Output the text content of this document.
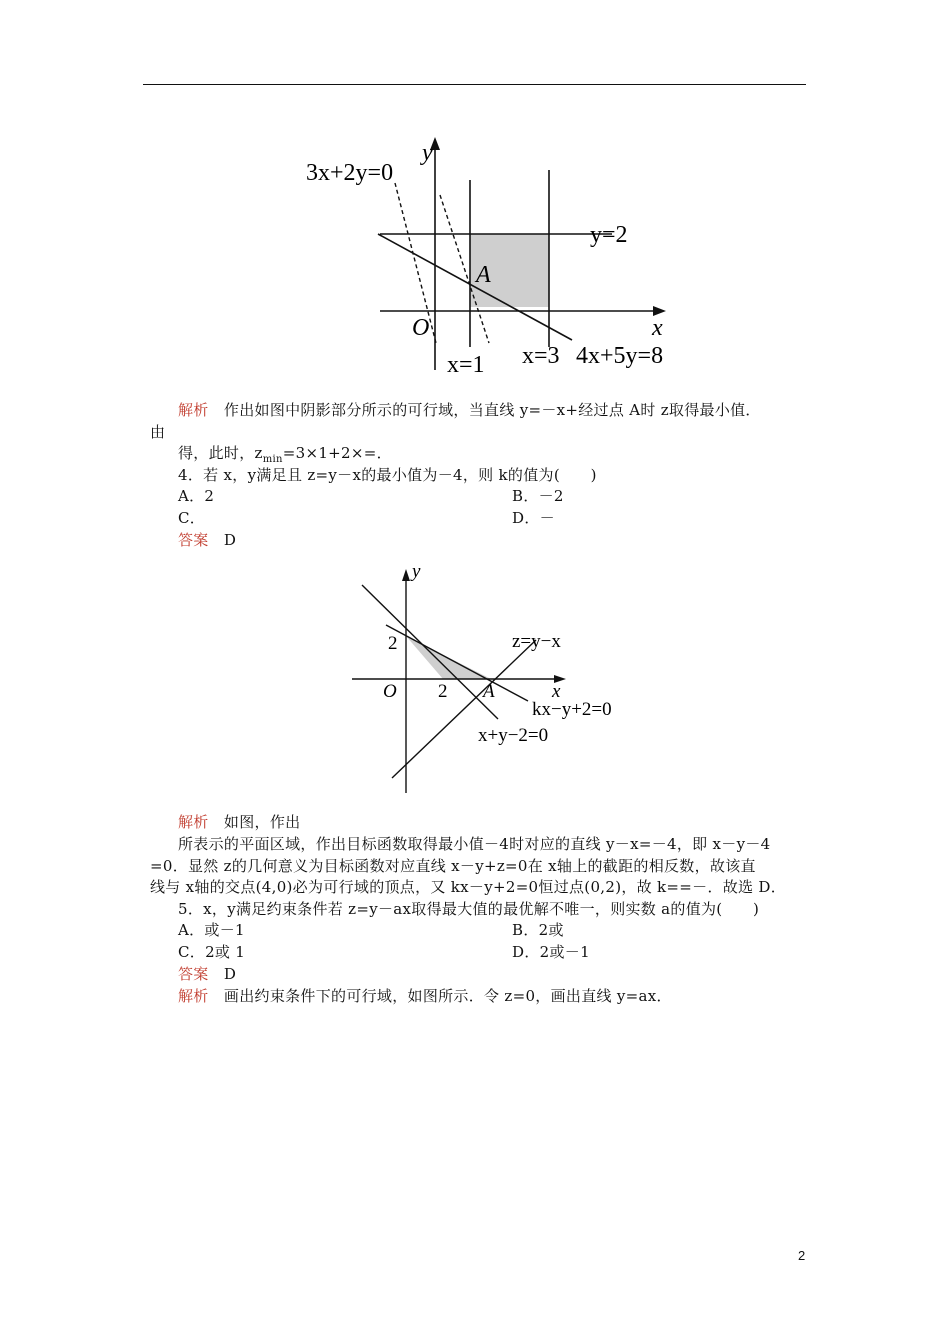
y
x
O
3x+2y=0
y=2
A
x=1 x=3 4x+5y=8
解析　 作出如图中阴影部分所示的可行域，当直线 y=－x+经过点 A时 z取得最小值．
由
得，此时，$z_{min}=3\times 1+2\times=$．
4．若 x，y满足且 z=y－x的最小值为－4，则 k的值为(　　)
A．2	B．－2
C．	D．－
答案　 D
y
x
O
2
2 A
z=y−x
kx−y+2=0
x+y−2=0
解析　 如图，作出
所表示的平面区域，作出目标函数取得最小值－4时对应的直线 y－x=－4，即 x－y－4
=0．显然 z的几何意义为目标函数对应直线 x－y+z=0在 x轴上的截距的相反数，故该直
线与 x轴的交点(4,0)必为可行域的顶点，又 kx－y+2=0恒过点(0,2)，故 k==－．故选 D．
5．x，y满足约束条件若 z=y－ax取得最大值的最优解不唯一，则实数 a的值为(　　)
A．或－1	B．2或
C．2或 1	D．2或－1
答案　 D
解析　 画出约束条件下的可行域，如图所示．令 z=0，画出直线 y=ax．
2
